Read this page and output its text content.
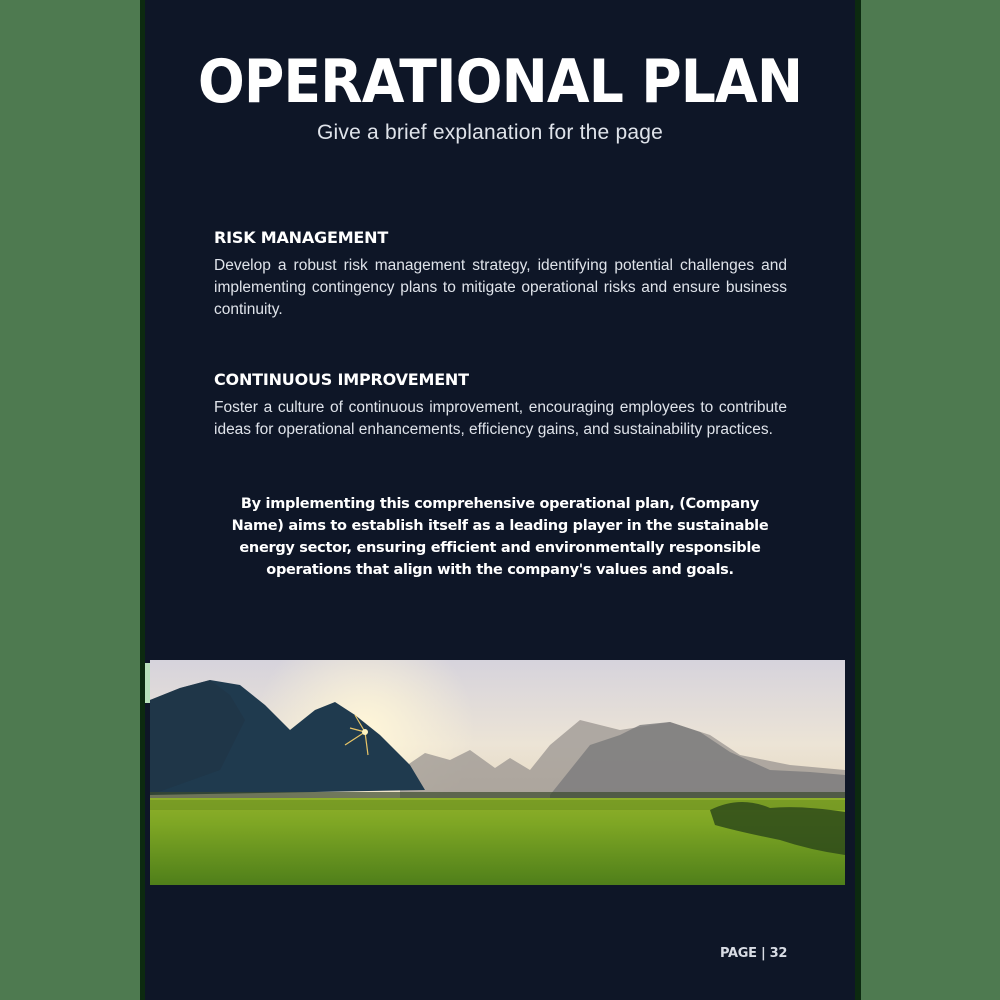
OPERATIONAL PLAN
Give a brief explanation for the page
RISK MANAGEMENT

Develop a robust risk management strategy, identifying potential challenges and implementing contingency plans to mitigate operational risks and ensure business continuity.

CONTINUOUS IMPROVEMENT

Foster a culture of continuous improvement, encouraging employees to contribute ideas for operational enhancements, efficiency gains, and sustainability practices.

By implementing this comprehensive operational plan, (Company Name) aims to establish itself as a leading player in the sustainable energy sector, ensuring efficient and environmentally responsible operations that align with the company's values and goals.

PAGE | 32
